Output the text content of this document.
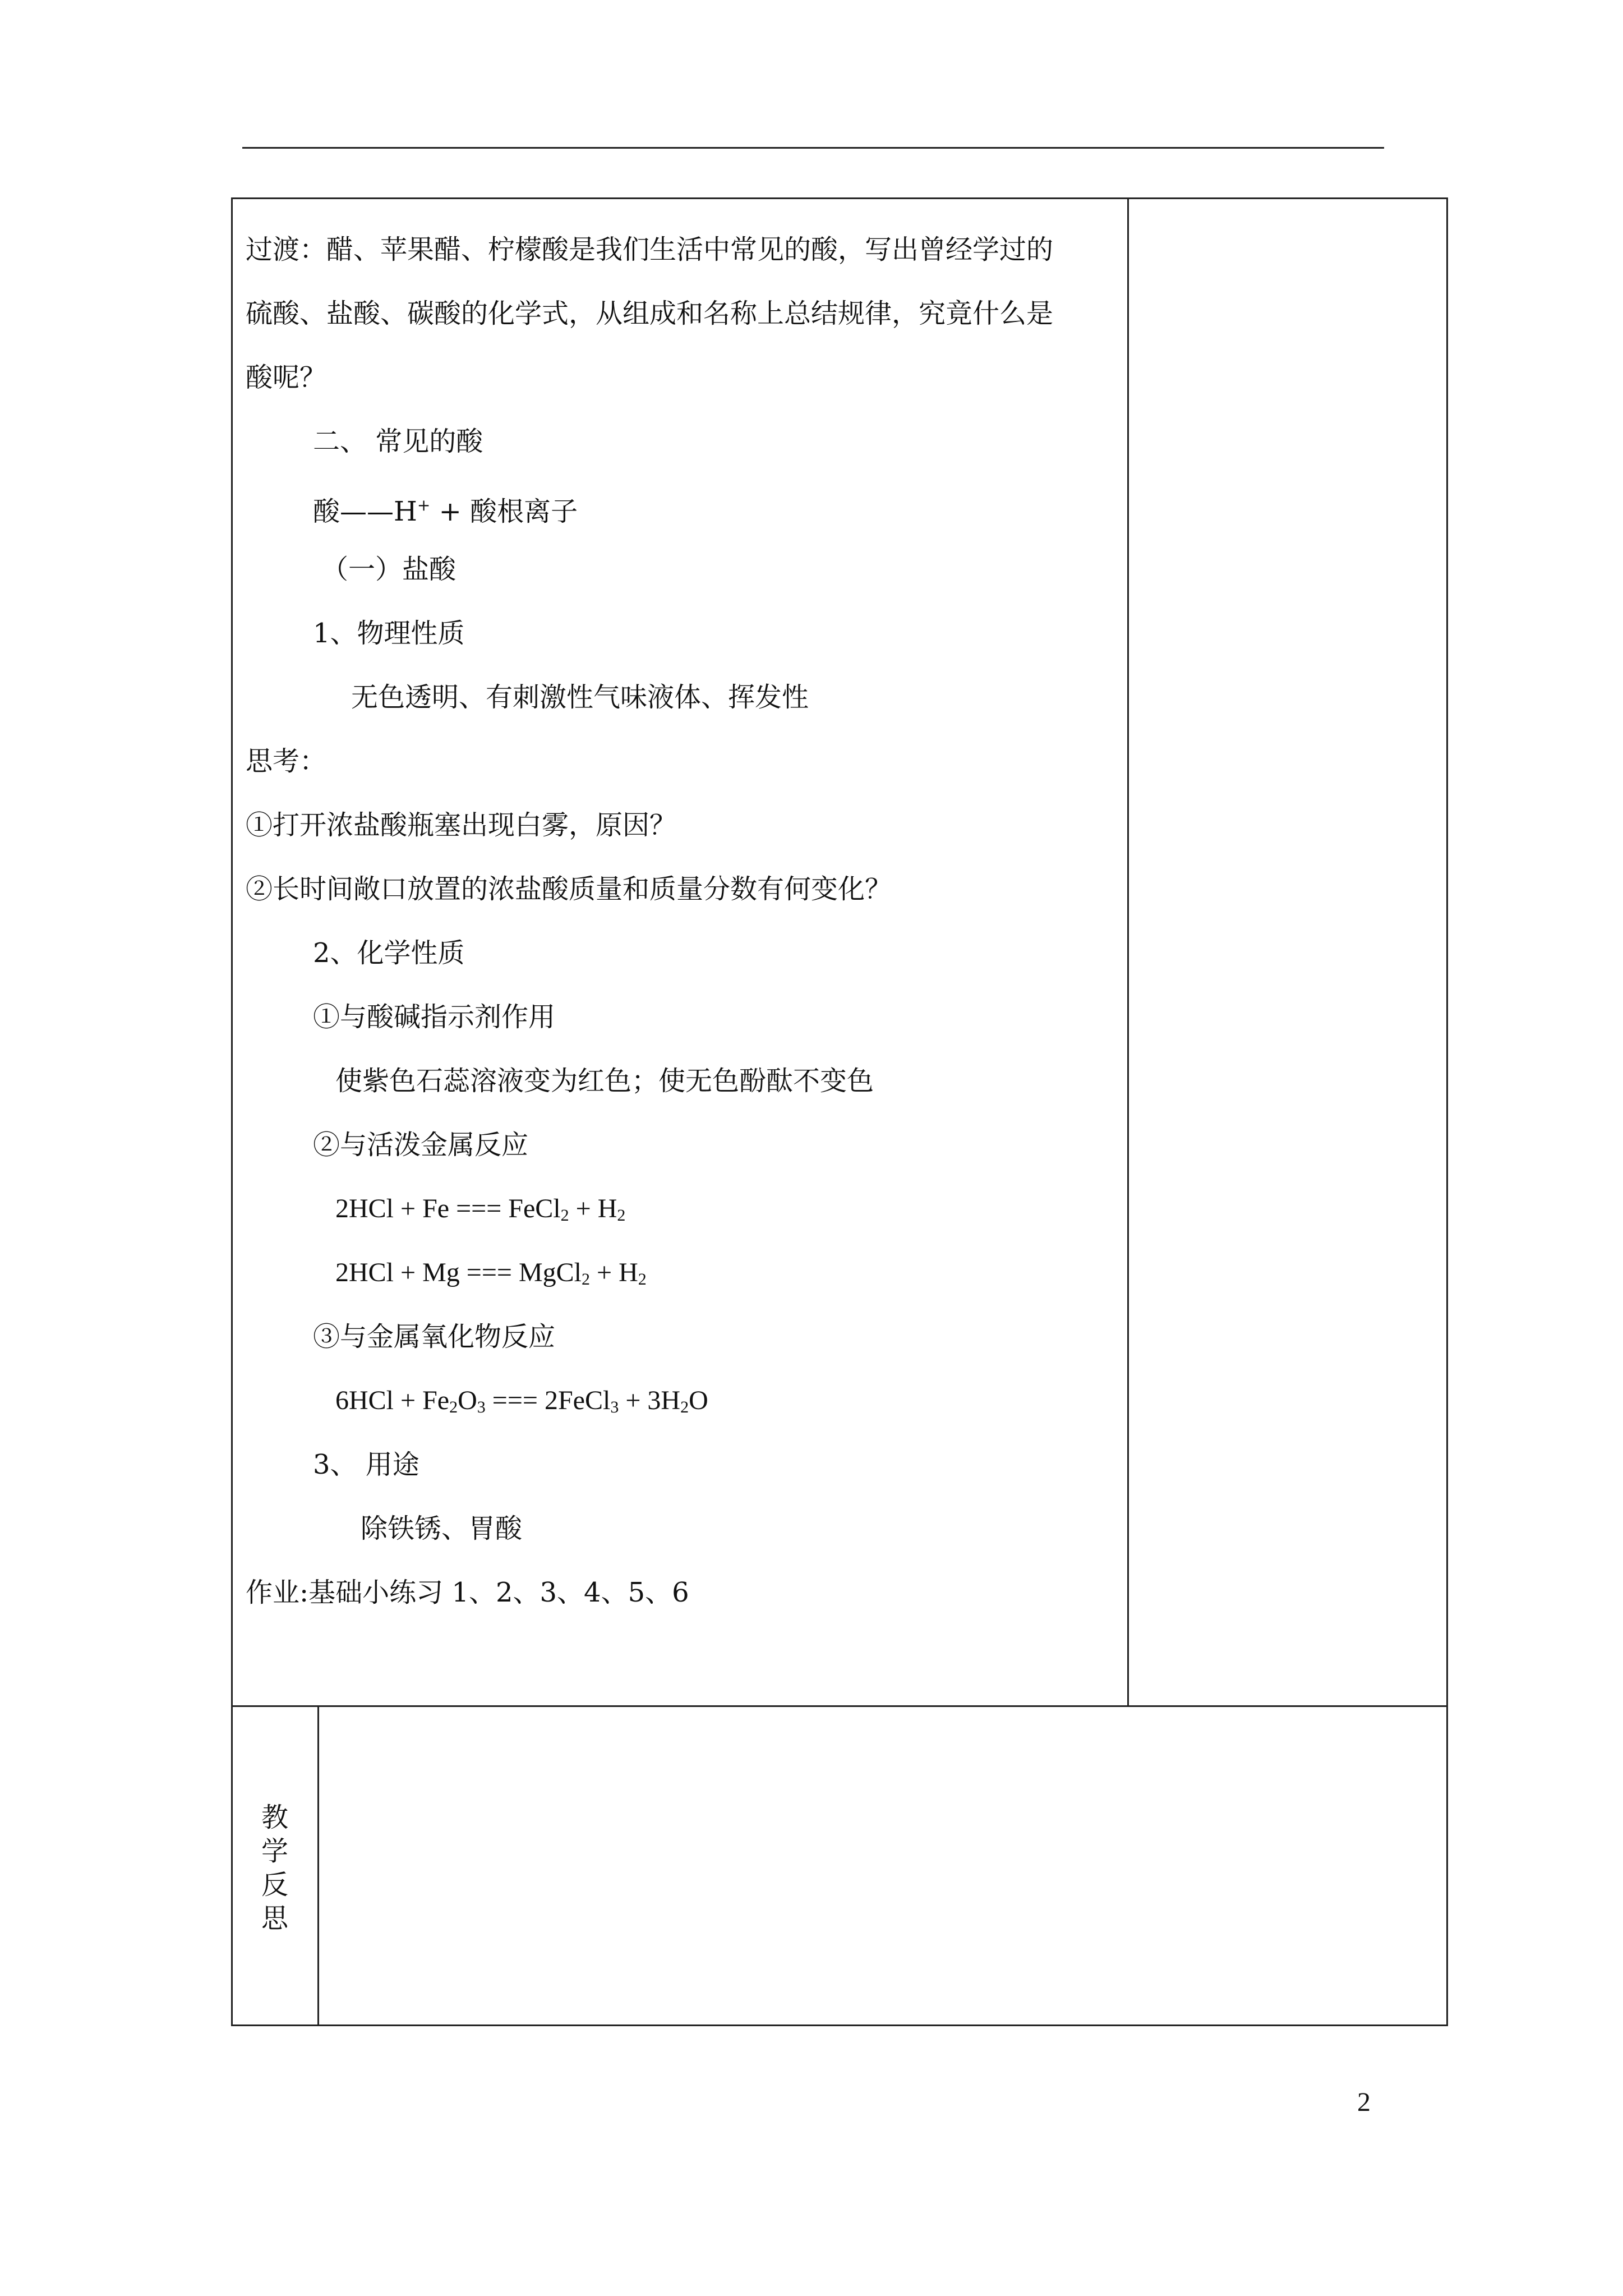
过渡：醋、苹果醋、柠檬酸是我们生活中常见的酸，写出曾经学过的
硫酸、盐酸、碳酸的化学式，从组成和名称上总结规律，究竟什么是
酸呢？
二、 常见的酸
酸——H+ + 酸根离子
（一）盐酸
1、物理性质
无色透明、有刺激性气味液体、挥发性
思考：
①打开浓盐酸瓶塞出现白雾，原因？
②长时间敞口放置的浓盐酸质量和质量分数有何变化？
2、化学性质
①与酸碱指示剂作用
使紫色石蕊溶液变为红色；使无色酚酞不变色
②与活泼金属反应
2HCl + Fe === FeCl$_2$ + $H_2$
2HCl + Mg === MgCl$_2$ + $H_2$
③与金属氧化物反应
$6HCl + Fe_2O_3$ === 2FeCl$_3$ + $3H_2O$
3、 用途
除铁锈、胃酸
作业:基础小练习 1、2、3、4、5、6
教
学
反
思
2
